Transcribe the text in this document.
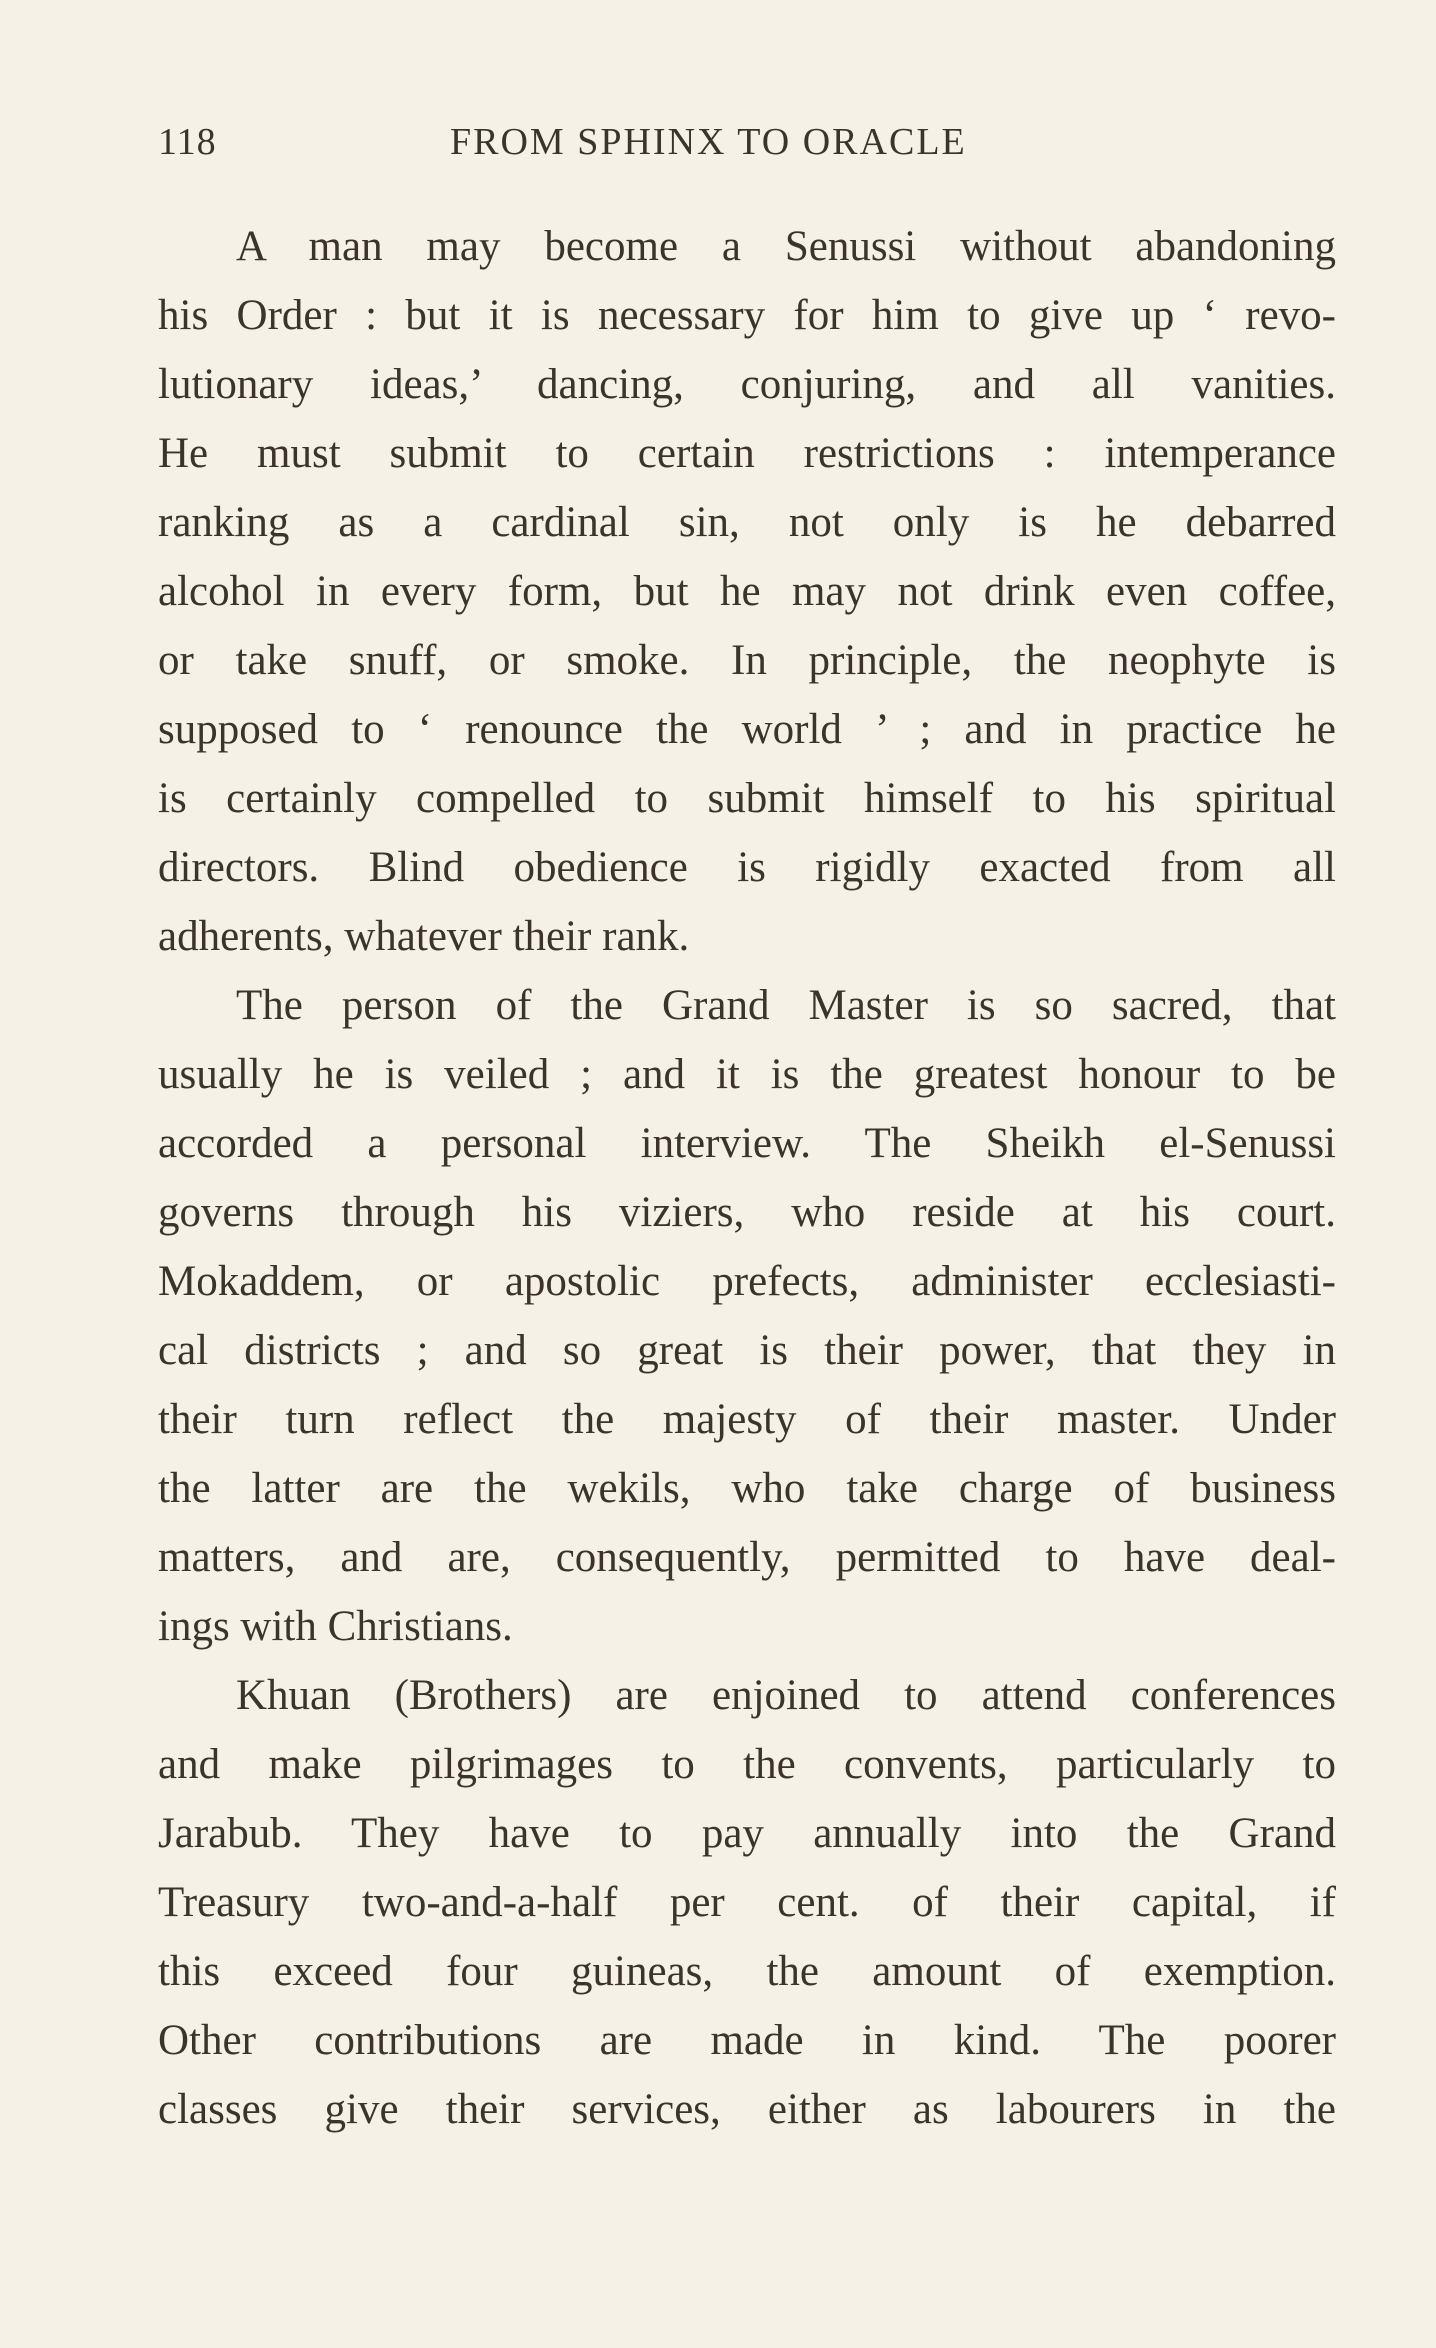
118	FROM SPHINX TO ORACLE
A man may become a Senussi without abandoning
his Order : but it is necessary for him to give up ‘ revo-
lutionary ideas,’ dancing, conjuring, and all vanities.
He must submit to certain restrictions : intemperance
ranking as a cardinal sin, not only is he debarred
alcohol in every form, but he may not drink even coffee,
or take snuff, or smoke. In principle, the neophyte is
supposed to ‘ renounce the world ’ ; and in practice he
is certainly compelled to submit himself to his spiritual
directors. Blind obedience is rigidly exacted from all
adherents, whatever their rank.
The person of the Grand Master is so sacred, that
usually he is veiled ; and it is the greatest honour to be
accorded a personal interview. The Sheikh el-Senussi
governs through his viziers, who reside at his court.
Mokaddem, or apostolic prefects, administer ecclesiasti-
cal districts ; and so great is their power, that they in
their turn reflect the majesty of their master. Under
the latter are the wekils, who take charge of business
matters, and are, consequently, permitted to have deal-
ings with Christians.
Khuan (Brothers) are enjoined to attend conferences
and make pilgrimages to the convents, particularly to
Jarabub. They have to pay annually into the Grand
Treasury two-and-a-half per cent. of their capital, if
this exceed four guineas, the amount of exemption.
Other contributions are made in kind. The poorer
classes give their services, either as labourers in the
